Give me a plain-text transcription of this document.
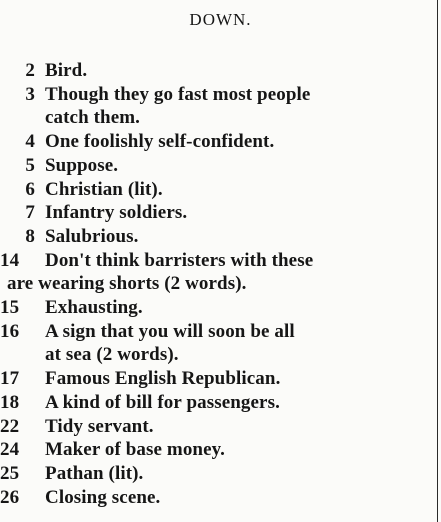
DOWN.
2 Bird.
3 Though they go fast most people
catch them.
4 One foolishly self-confident.
5 Suppose.
6 Christian (lit).
7 Infantry soldiers.
8 Salubrious.
14	Don't think barristers with these
are wearing shorts (2 words).
15	Exhausting.
16	A sign that you will soon be all
at sea (2 words).
17	Famous English Republican.
18	A kind of bill for passengers.
22	Tidy servant.
24	Maker of base money.
25	Pathan (lit).
26	Closing scene.
